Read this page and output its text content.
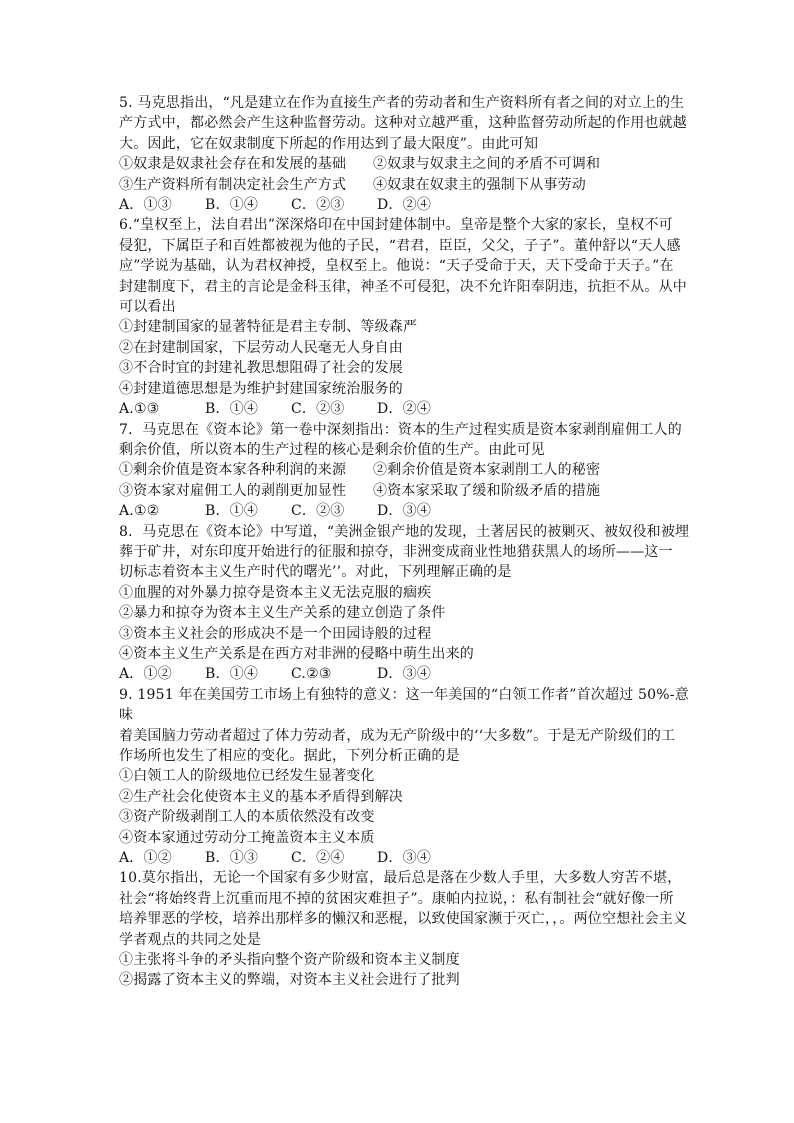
5. 马克思指出，“凡是建立在作为直接生产者的劳动者和生产资料所有者之间的对立上的生
产方式中，都必然会产生这种监督劳动。这种对立越严重，这种监督劳动所起的作用也就越
大。因此，它在奴隶制度下所起的作用达到了最大限度”。由此可知
①奴隶是奴隶社会存在和发展的基础	②奴隶与奴隶主之间的矛盾不可调和
③生产资料所有制决定社会生产方式	④奴隶在奴隶主的强制下从事劳动
A．①③	B．①④	C．②③	D．②④
6.“皇权至上，法自君出”深深烙印在中国封建体制中。皇帝是整个大家的家长，皇权不可
侵犯，下属臣子和百姓都被视为他的子民，“君君，臣臣，父父，子子”。董仲舒以“天人感
应”学说为基础，认为君权神授，皇权至上。他说：“天子受命于天，天下受命于天子。”在
封建制度下，君主的言论是金科玉律，神圣不可侵犯，决不允许阳奉阴违，抗拒不从。从中
可以看出
①封建制国家的显著特征是君主专制、等级森严
②在封建制国家，下层劳动人民毫无人身自由
③不合时宜的封建礼教思想阻碍了社会的发展
④封建道德思想是为维护封建国家统治服务的
A.①③	B．①④	C．②③	D．②④
7．马克思在《资本论》第一卷中深刻指出：资本的生产过程实质是资本家剥削雇佣工人的
剩余价值，所以资本的生产过程的核心是剩余价值的生产。由此可见
①剩余价值是资本家各种利润的来源	②剩余价值是资本家剥削工人的秘密
③资本家对雇佣工人的剥削更加显性	④资本家采取了缓和阶级矛盾的措施
A.①②	B．①④	C．②③	D．③④
8．马克思在《资本论》中写道，“美洲金银产地的发现，土著居民的被剿灭、被奴役和被埋
葬于矿井，对东印度开始进行的征服和掠夺，非洲变成商业性地猎获黑人的场所——这一
切标志着资本主义生产时代的曙光’’。对此，下列理解正确的是
①血腥的对外暴力掠夺是资本主义无法克服的痼疾
②暴力和掠夺为资本主义生产关系的建立创造了条件
③资本主义社会的形成决不是一个田园诗般的过程
④资本主义生产关系是在西方对非洲的侵略中萌生出来的
A．①②	B．①④	C.②③	D．③④
9. 1951 年在美国劳工市场上有独特的意义：这一年美国的“白领工作者”首次超过 50%-意
味
着美国脑力劳动者超过了体力劳动者，成为无产阶级中的‘‘大多数”。于是无产阶级们的工
作场所也发生了相应的变化。据此，下列分析正确的是
①白领工人的阶级地位已经发生显著变化
②生产社会化使资本主义的基本矛盾得到解决
③资产阶级剥削工人的本质依然没有改变
④资本家通过劳动分工掩盖资本主义本质
A．①②	B．①③	C．②④	D．③④
10.莫尔指出，无论一个国家有多少财富，最后总是落在少数人手里，大多数人穷苦不堪，
社会“将始终背上沉重而甩不掉的贫困灾难担子”。康帕内拉说，：私有制社会“就好像一所
培养罪恶的学校，培养出那样多的懒汉和恶棍，以致使国家濒于灭亡，，。两位空想社会主义
学者观点的共同之处是
①主张将斗争的矛头指向整个资产阶级和资本主义制度
②揭露了资本主义的弊端，对资本主义社会进行了批判
